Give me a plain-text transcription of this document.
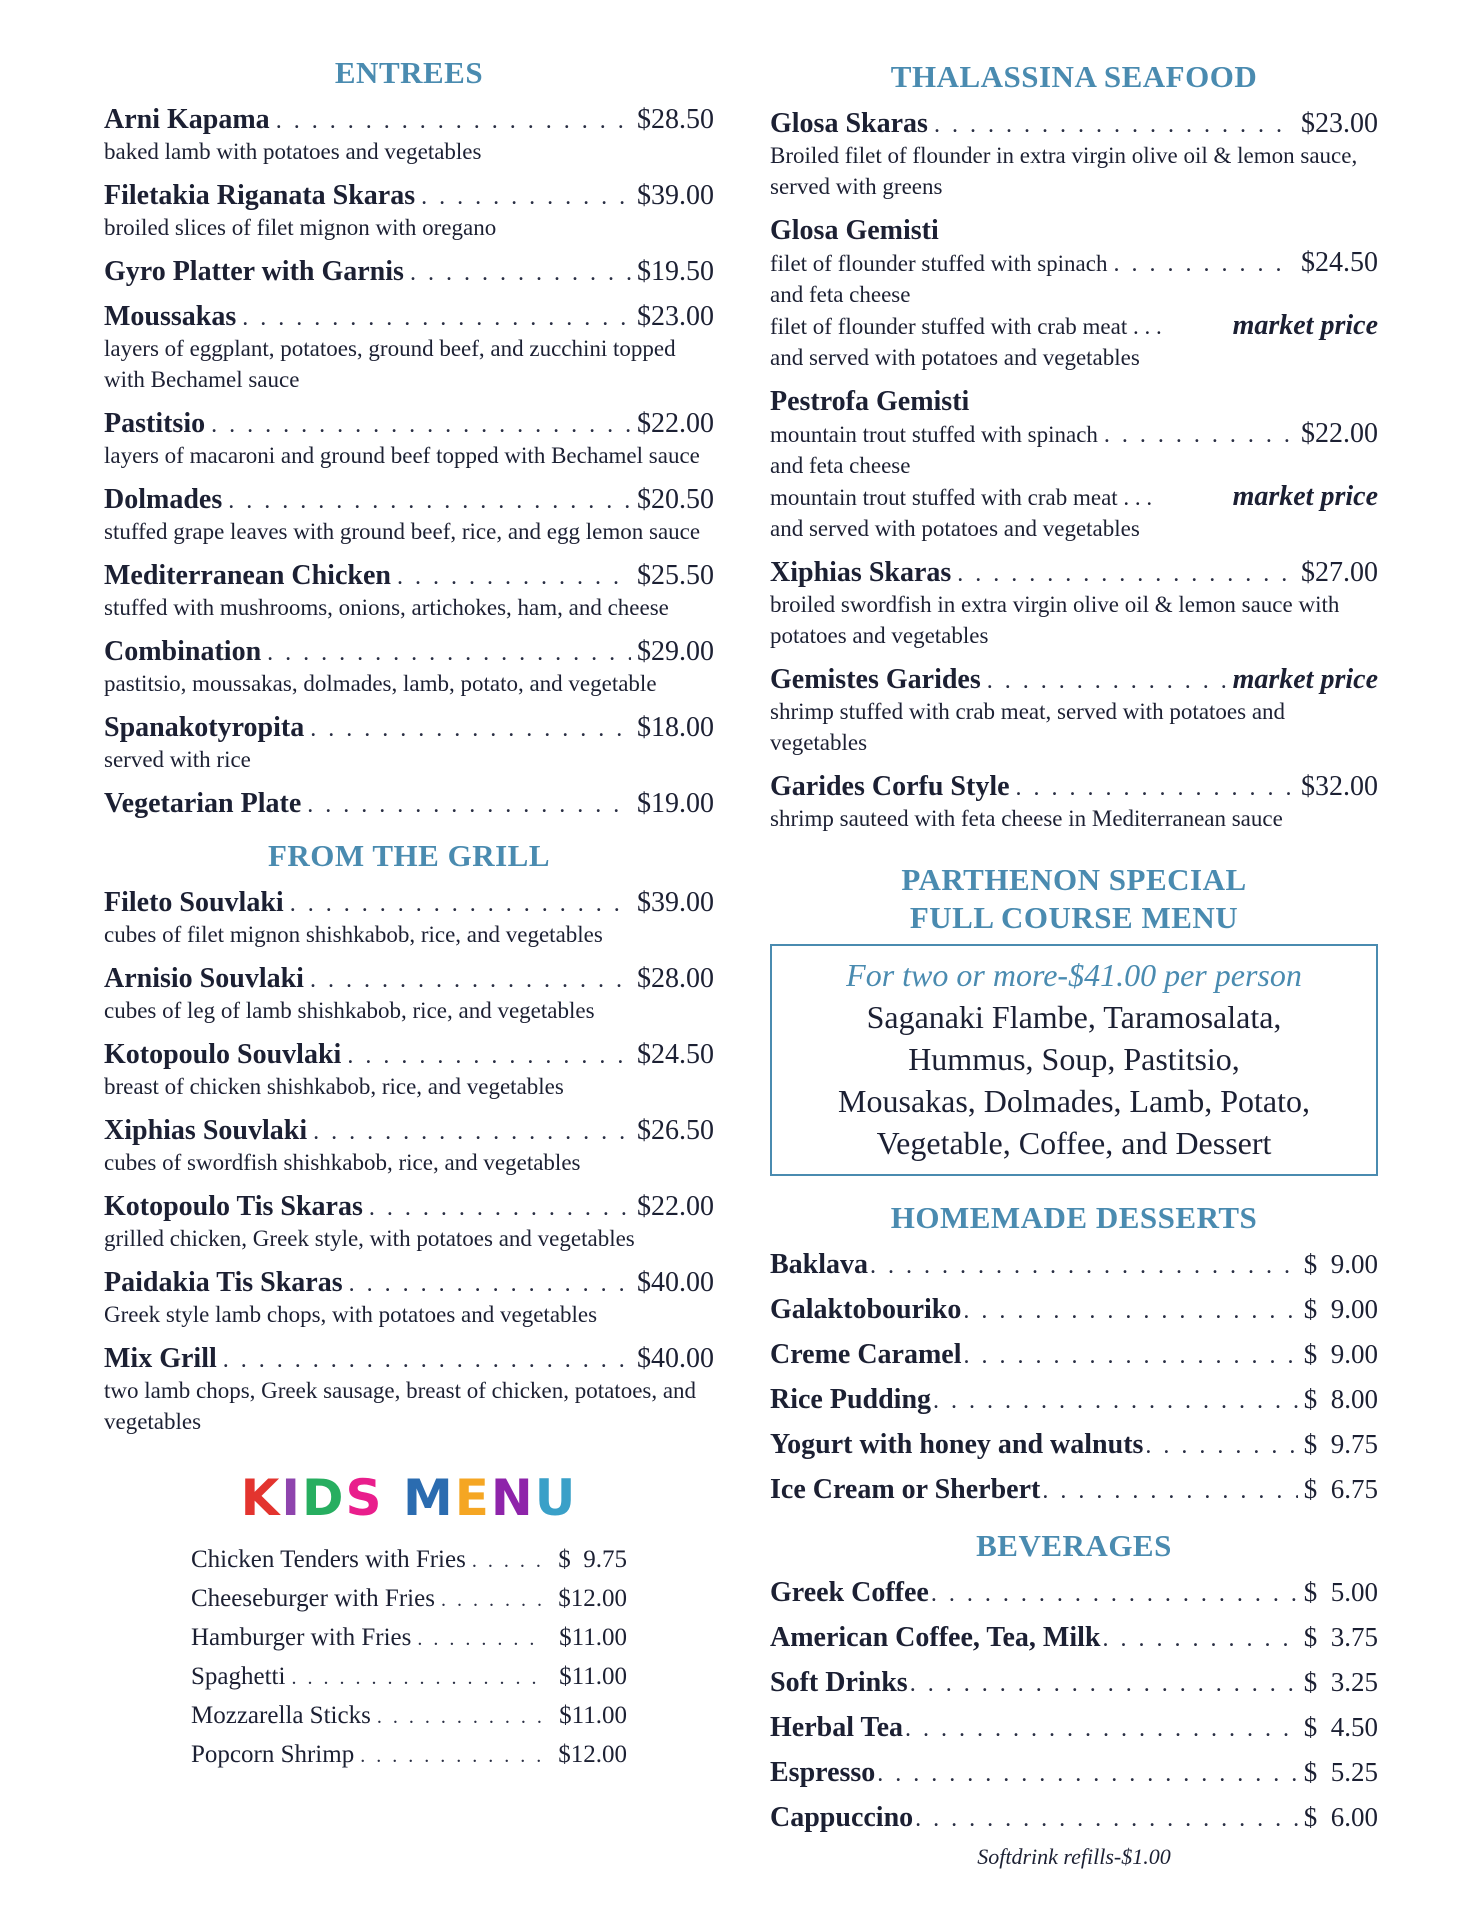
ENTREES
Arni Kapama . . .	$28.50
baked lamb with potatoes and vegetables
Filetakia Riganata Skaras . . .	$39.00
broiled slices of filet mignon with oregano
Gyro Platter with Garnis . . .	$19.50
Moussakas . . .	$23.00
layers of eggplant, potatoes, ground beef, and zucchini topped with Bechamel sauce
Pastitsio . . .	$22.00
layers of macaroni and ground beef topped with Bechamel sauce
Dolmades . . .	$20.50
stuffed grape leaves with ground beef, rice, and egg lemon sauce
Mediterranean Chicken . . .	$25.50
stuffed with mushrooms, onions, artichokes, ham, and cheese
Combination . . .	$29.00
pastitsio, moussakas, dolmades, lamb, potato, and vegetable
Spanakotyropita . . .	$18.00
served with rice
Vegetarian Plate . . .	$19.00
FROM THE GRILL
Fileto Souvlaki . . .	$39.00
cubes of filet mignon shishkabob, rice, and vegetables
Arnisio Souvlaki . . .	$28.00
cubes of leg of lamb shishkabob, rice, and vegetables
Kotopoulo Souvlaki . . .	$24.50
breast of chicken shishkabob, rice, and vegetables
Xiphias Souvlaki . . .	$26.50
cubes of swordfish shishkabob, rice, and vegetables
Kotopoulo Tis Skaras . . .	$22.00
grilled chicken, Greek style, with potatoes and vegetables
Paidakia Tis Skaras . . .	$40.00
Greek style lamb chops, with potatoes and vegetables
Mix Grill . . .	$40.00
two lamb chops, Greek sausage, breast of chicken, potatoes, and vegetables
KIDS MENU
Chicken Tenders with Fries . . .	$  9.75
Cheeseburger with Fries . . .	$12.00
Hamburger with Fries . . .	$11.00
Spaghetti . . .	$11.00
Mozzarella Sticks . . .	$11.00
Popcorn Shrimp . . .	$12.00
THALASSINA SEAFOOD
Glosa Skaras . . .	$23.00
Broiled filet of flounder in extra virgin olive oil & lemon sauce, served with greens
Glosa Gemisti
filet of flounder stuffed with spinach . . .	$24.50
and feta cheese
filet of flounder stuffed with crab meat . . .	market price
and served with potatoes and vegetables
Pestrofa Gemisti
mountain trout stuffed with spinach . . .	$22.00
and feta cheese
mountain trout stuffed with crab meat . . .	market price
and served with potatoes and vegetables
Xiphias Skaras . . .	$27.00
broiled swordfish in extra virgin olive oil & lemon sauce with potatoes and vegetables
Gemistes Garides . . .	market price
shrimp stuffed with crab meat, served with potatoes and vegetables
Garides Corfu Style . . .	$32.00
shrimp sauteed with feta cheese in Mediterranean sauce
PARTHENON SPECIAL
FULL COURSE MENU
For two or more-$41.00 per person
Saganaki Flambe, Taramosalata,
Hummus, Soup, Pastitsio,
Mousakas, Dolmades, Lamb, Potato,
Vegetable, Coffee, and Dessert
HOMEMADE DESSERTS
Baklava . . .	$  9.00
Galaktobouriko . . .	$  9.00
Creme Caramel . . .	$  9.00
Rice Pudding . . .	$  8.00
Yogurt with honey and walnuts . . .	$  9.75
Ice Cream or Sherbert . . .	$  6.75
BEVERAGES
Greek Coffee . . .	$  5.00
American Coffee, Tea, Milk . . .	$  3.75
Soft Drinks . . .	$  3.25
Herbal Tea . . .	$  4.50
Espresso . . .	$  5.25
Cappuccino . . .	$  6.00
Softdrink refills-$1.00
